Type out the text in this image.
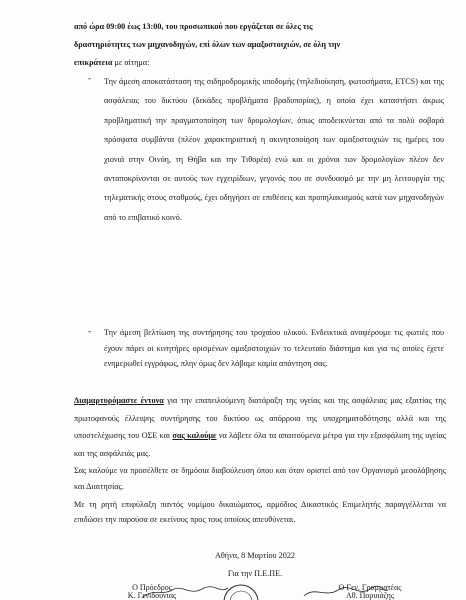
από ώρα 09:00 έως 13:00, του προσωπικού που εργάζεται σε όλες τις
δραστηριότητες των μηχανοδηγών, επί όλων των αμαξοστοιχιών, σε όλη την
επικράτεια με αίτημα:
- Την άμεση αποκατάσταση της σιδηροδρομικής υποδομής (τηλεδιοίκηση, φωτοσήματα, ETCS) και της ασφάλειας του δικτύου (δεκάδες προβλήματα βραδυπορίας), η οποία έχει καταστήσει άκρως προβληματική την πραγματοποίηση των δρομολογίων, όπως αποδεικνύεται από τα πολύ σοβαρά πρόσφατα συμβάντα (πλέον χαρακτηριστική η ακινητοποίηση των αμαξοστοιχιών τις ημέρες του χιονιά στην Οινόη, τη Θήβα και την Τιθορέα) ενώ και οι χρόνοι των δρομολογίων πλέον δεν ανταποκρίνονται σε αυτούς των εγχειρίδιων, γεγονός που σε συνδυασμό με την μη λειτουργία της τηλεματικής στους σταθμούς, έχει οδηγήσει σε επιθέσεις και προπηλακισμούς κατά των μηχανοδηγών από το επιβατικό κοινό.
- Την άμεση βελτίωση της συντήρησης του τροχαίου υλικού. Ενδεικτικά αναφέρουμε τις φωτιές που έχουν πάρει οι κινητήρες ορισμένων αμαξοστοιχιών το τελευταίο διάστημα και για τις οποίες έχετε ενημερωθεί εγγράφως, πλην όμως δεν λάβαμε καμία απάντηση σας.
Διαμαρτυρόμαστε έντονα για την επαπειλούμενη διατάραξη της υγείας και της ασφάλειας μας εξαιτίας της πρωτοφανούς έλλειψης συντήρησης του δικτύου ως απόρροια της υποχρηματοδότησης αλλά και της υποστελέχωσης του ΟΣΕ και σας καλούμε να λάβετε όλα τα απαιτούμενα μέτρα για την εξασφάλιση της υγείας και της ασφάλειάς μας.
Σας καλούμε να προσέλθετε σε δημόσια διαβούλευση όπου και όταν οριστεί από τον Οργανισμό μεσολάβησης και Διαιτησίας.
Με τη ρητή επιφύλαξη παντός νομίμου δικαιώματος, αρμόδιος Δικαστικός Επιμελητής παραγγέλλεται να επιδώσει την παρούσα σε εκείνους προς τους οποίους απευθύνεται.
Αθήνα, 8 Μαρτίου 2022
Για την Π.Ε.ΠΕ.
Ο Πρόεδρος	Ο Γεν. Γραμματέας
Κ. Γενιδούνιας	Αθ. Πορυιάζης
